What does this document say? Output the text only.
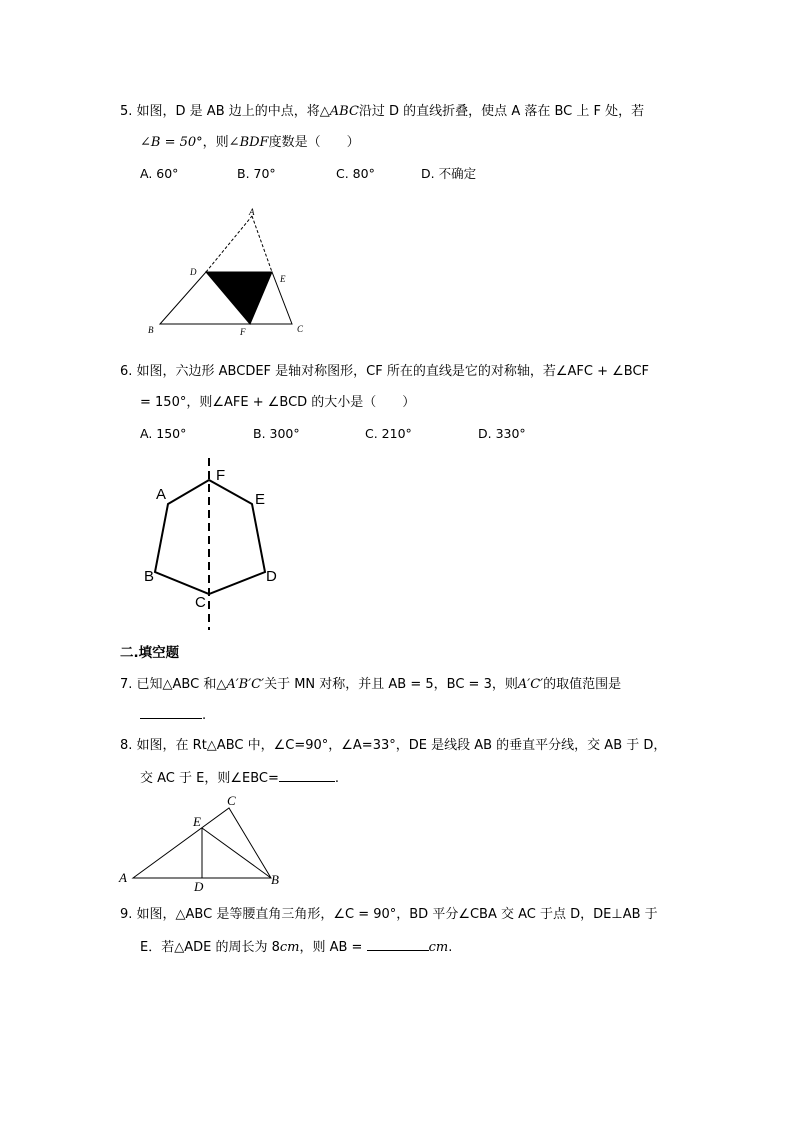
5. 如图，D 是 AB 边上的中点，将△ABC沿过 D 的直线折叠，使点 A 落在 BC 上 F 处，若
∠B = 50°，则∠BDF度数是（　　）
A. 60°	B. 70°	C. 80°	D. 不确定
A
D
E
B	F	C
6. 如图，六边形 ABCDEF 是轴对称图形，CF 所在的直线是它的对称轴，若∠AFC + ∠BCF
= 150°，则∠AFE + ∠BCD 的大小是（　　）
A. 150°	B. 300°	C. 210°	D. 330°
F
A	E
B	D
C
二.填空题
7. 已知△ABC 和△A′B′C′关于 MN 对称，并且 AB = 5，BC = 3，则A′C′的取值范围是
.
8. 如图，在 Rt△ABC 中，∠C=90°，∠A=33°，DE 是线段 AB 的垂直平分线，交 AB 于 D，
交 AC 于 E，则∠EBC=	.
C
E
A
D	B
9. 如图，△ABC 是等腰直角三角形，∠C = 90°，BD 平分∠CBA 交 AC 于点 D，DE⊥AB 于
E．若△ADE 的周长为 8cm，则 AB =	cm.
